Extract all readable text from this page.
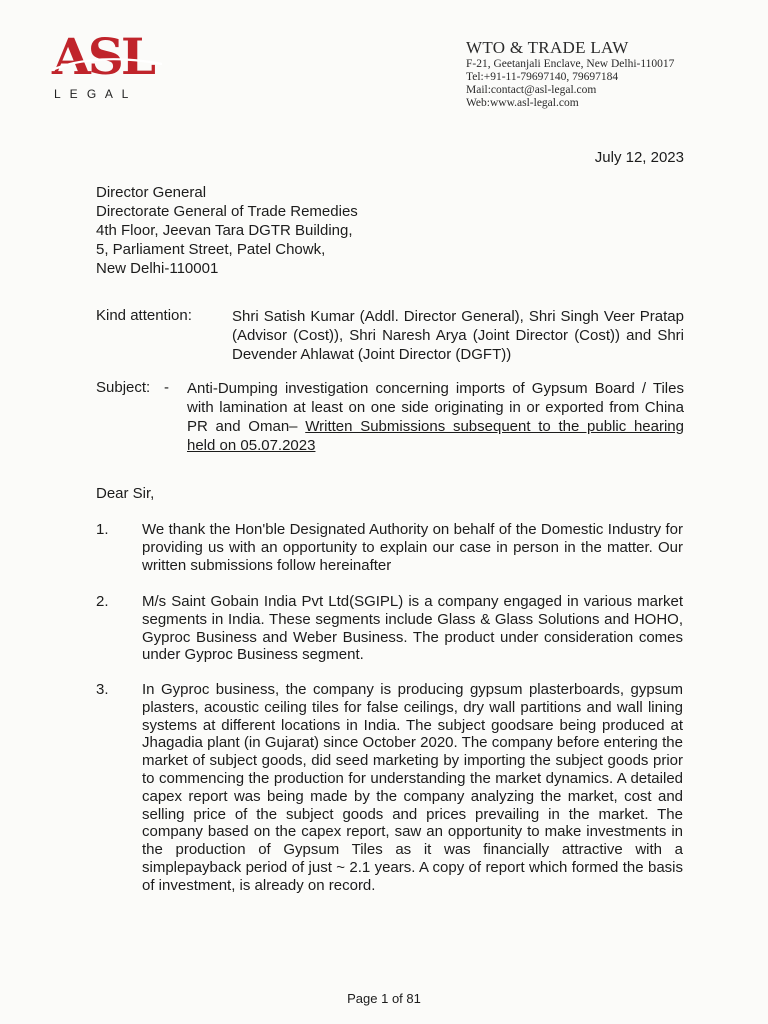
ASL
L E G A L
WTO & TRADE LAW
F-21, Geetanjali Enclave, New Delhi-110017
Tel:+91-11-79697140, 79697184
Mail:contact@asl-legal.com
Web:www.asl-legal.com
July 12, 2023
Director General
Directorate General of Trade Remedies
4th Floor, Jeevan Tara DGTR Building,
5, Parliament Street, Patel Chowk,
New Delhi-110001
Kind attention:	Shri Satish Kumar (Addl. Director General), Shri Singh Veer Pratap (Advisor (Cost)), Shri Naresh Arya (Joint Director (Cost)) and Shri Devender Ahlawat (Joint Director (DGFT))
Subject: - Anti-Dumping investigation concerning imports of Gypsum Board / Tiles with lamination at least on one side originating in or exported from China PR and Oman– Written Submissions subsequent to the public hearing held on 05.07.2023
Dear Sir,
1. We thank the Hon'ble Designated Authority on behalf of the Domestic Industry for providing us with an opportunity to explain our case in person in the matter. Our written submissions follow hereinafter
2. M/s Saint Gobain India Pvt Ltd(SGIPL) is a company engaged in various market segments in India. These segments include Glass & Glass Solutions and HOHO, Gyproc Business and Weber Business. The product under consideration comes under Gyproc Business segment.
3. In Gyproc business, the company is producing gypsum plasterboards, gypsum plasters, acoustic ceiling tiles for false ceilings, dry wall partitions and wall lining systems at different locations in India. The subject goodsare being produced at Jhagadia plant (in Gujarat) since October 2020. The company before entering the market of subject goods, did seed marketing by importing the subject goods prior to commencing the production for understanding the market dynamics. A detailed capex report was being made by the company analyzing the market, cost and selling price of the subject goods and prices prevailing in the market. The company based on the capex report, saw an opportunity to make investments in the production of Gypsum Tiles as it was financially attractive with a simplepayback period of just ~ 2.1 years. A copy of report which formed the basis of investment, is already on record.
Page 1 of 81
